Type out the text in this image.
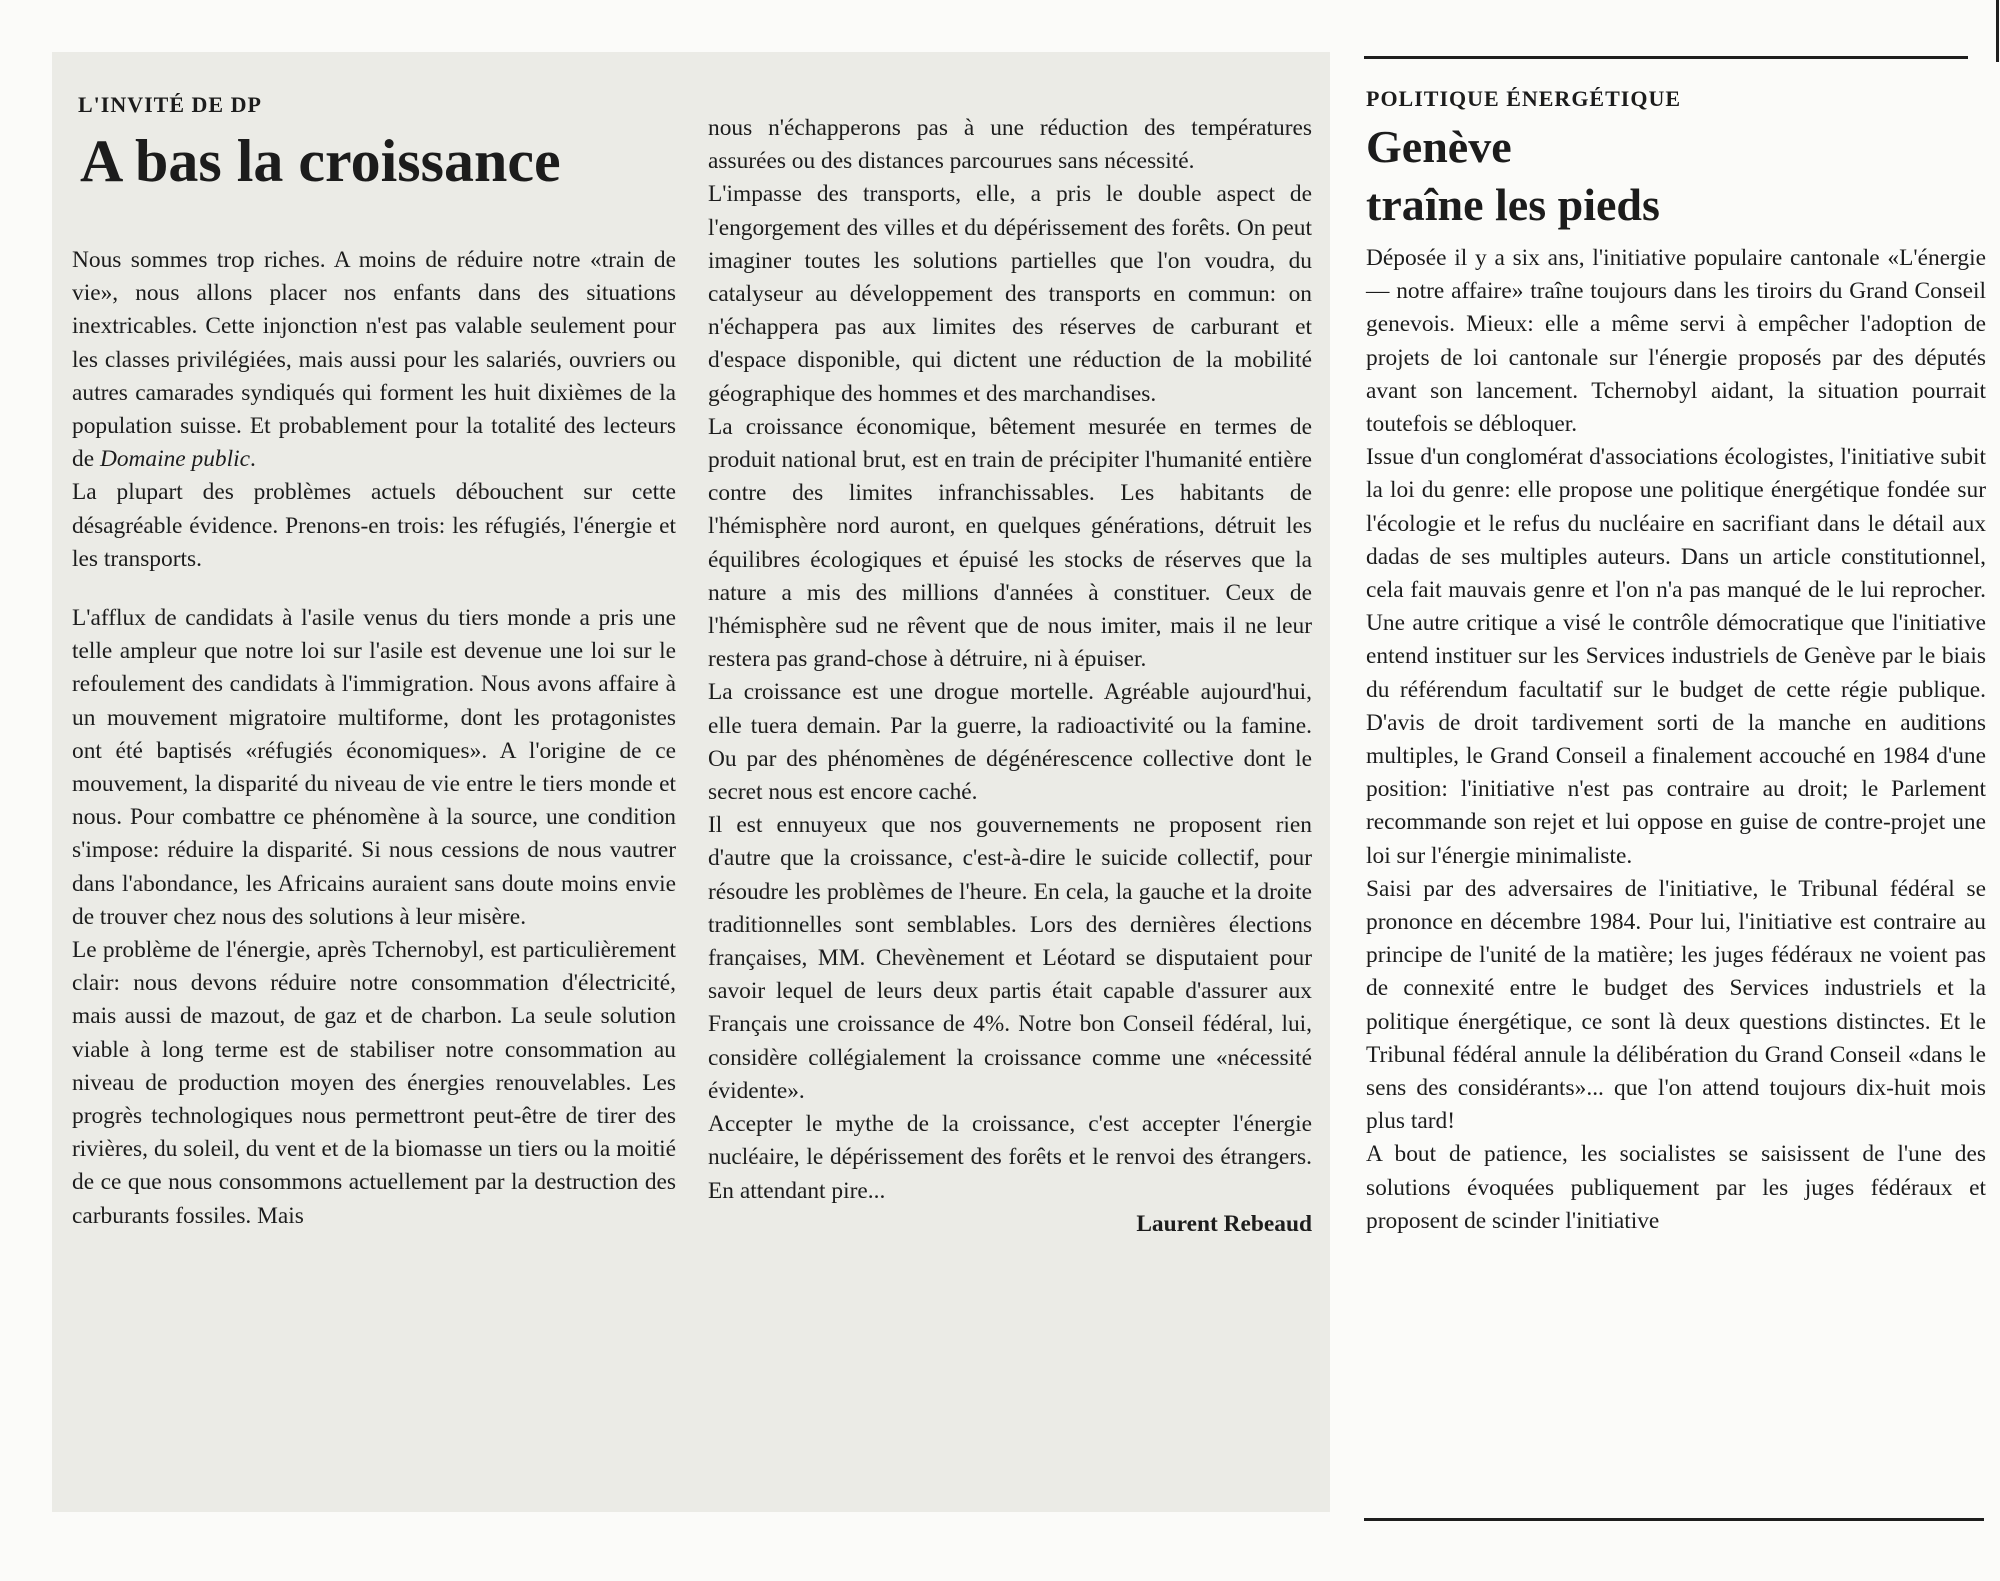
L'INVITÉ DE DP
A bas la croissance

Nous sommes trop riches. A moins de réduire notre «train de vie», nous allons placer nos enfants dans des situations inextricables. Cette injonction n'est pas valable seulement pour les classes privilégiées, mais aussi pour les salariés, ouvriers ou autres camarades syndiqués qui forment les huit dixièmes de la population suisse. Et probablement pour la totalité des lecteurs de Domaine public.

La plupart des problèmes actuels débouchent sur cette désagréable évidence. Prenons-en trois: les réfugiés, l'énergie et les transports.

L'afflux de candidats à l'asile venus du tiers monde a pris une telle ampleur que notre loi sur l'asile est devenue une loi sur le refoulement des candidats à l'immigration. Nous avons affaire à un mouvement migratoire multiforme, dont les protagonistes ont été baptisés «réfugiés économiques». A l'origine de ce mouvement, la disparité du niveau de vie entre le tiers monde et nous. Pour combattre ce phénomène à la source, une condition s'impose: réduire la disparité. Si nous cessions de nous vautrer dans l'abondance, les Africains auraient sans doute moins envie de trouver chez nous des solutions à leur misère.

Le problème de l'énergie, après Tchernobyl, est particulièrement clair: nous devons réduire notre consommation d'électricité, mais aussi de mazout, de gaz et de charbon. La seule solution viable à long terme est de stabiliser notre consommation au niveau de production moyen des énergies renouvelables. Les progrès technologiques nous permettront peut-être de tirer des rivières, du soleil, du vent et de la biomasse un tiers ou la moitié de ce que nous consommons actuellement par la destruction des carburants fossiles. Mais

nous n'échapperons pas à une réduction des températures assurées ou des distances parcourues sans nécessité.

L'impasse des transports, elle, a pris le double aspect de l'engorgement des villes et du dépérissement des forêts. On peut imaginer toutes les solutions partielles que l'on voudra, du catalyseur au développement des transports en commun: on n'échappera pas aux limites des réserves de carburant et d'espace disponible, qui dictent une réduction de la mobilité géographique des hommes et des marchandises.

La croissance économique, bêtement mesurée en termes de produit national brut, est en train de précipiter l'humanité entière contre des limites infranchissables. Les habitants de l'hémisphère nord auront, en quelques générations, détruit les équilibres écologiques et épuisé les stocks de réserves que la nature a mis des millions d'années à constituer. Ceux de l'hémisphère sud ne rêvent que de nous imiter, mais il ne leur restera pas grand-chose à détruire, ni à épuiser.

La croissance est une drogue mortelle. Agréable aujourd'hui, elle tuera demain. Par la guerre, la radioactivité ou la famine. Ou par des phénomènes de dégénérescence collective dont le secret nous est encore caché.

Il est ennuyeux que nos gouvernements ne proposent rien d'autre que la croissance, c'est-à-dire le suicide collectif, pour résoudre les problèmes de l'heure. En cela, la gauche et la droite traditionnelles sont semblables. Lors des dernières élections françaises, MM. Chevènement et Léotard se disputaient pour savoir lequel de leurs deux partis était capable d'assurer aux Français une croissance de 4%. Notre bon Conseil fédéral, lui, considère collégialement la croissance comme une «nécessité évidente».

Accepter le mythe de la croissance, c'est accepter l'énergie nucléaire, le dépérissement des forêts et le renvoi des étrangers. En attendant pire...

Laurent Rebeaud

POLITIQUE ÉNERGÉTIQUE
Genève
traîne les pieds

Déposée il y a six ans, l'initiative populaire cantonale «L'énergie — notre affaire» traîne toujours dans les tiroirs du Grand Conseil genevois. Mieux: elle a même servi à empêcher l'adoption de projets de loi cantonale sur l'énergie proposés par des députés avant son lancement. Tchernobyl aidant, la situation pourrait toutefois se débloquer.

Issue d'un conglomérat d'associations écologistes, l'initiative subit la loi du genre: elle propose une politique énergétique fondée sur l'écologie et le refus du nucléaire en sacrifiant dans le détail aux dadas de ses multiples auteurs. Dans un article constitutionnel, cela fait mauvais genre et l'on n'a pas manqué de le lui reprocher. Une autre critique a visé le contrôle démocratique que l'initiative entend instituer sur les Services industriels de Genève par le biais du référendum facultatif sur le budget de cette régie publique. D'avis de droit tardivement sorti de la manche en auditions multiples, le Grand Conseil a finalement accouché en 1984 d'une position: l'initiative n'est pas contraire au droit; le Parlement recommande son rejet et lui oppose en guise de contre-projet une loi sur l'énergie minimaliste.

Saisi par des adversaires de l'initiative, le Tribunal fédéral se prononce en décembre 1984. Pour lui, l'initiative est contraire au principe de l'unité de la matière; les juges fédéraux ne voient pas de connexité entre le budget des Services industriels et la politique énergétique, ce sont là deux questions distinctes. Et le Tribunal fédéral annule la délibération du Grand Conseil «dans le sens des considérants»... que l'on attend toujours dix-huit mois plus tard!

A bout de patience, les socialistes se saisissent de l'une des solutions évoquées publiquement par les juges fédéraux et proposent de scinder l'initiative
